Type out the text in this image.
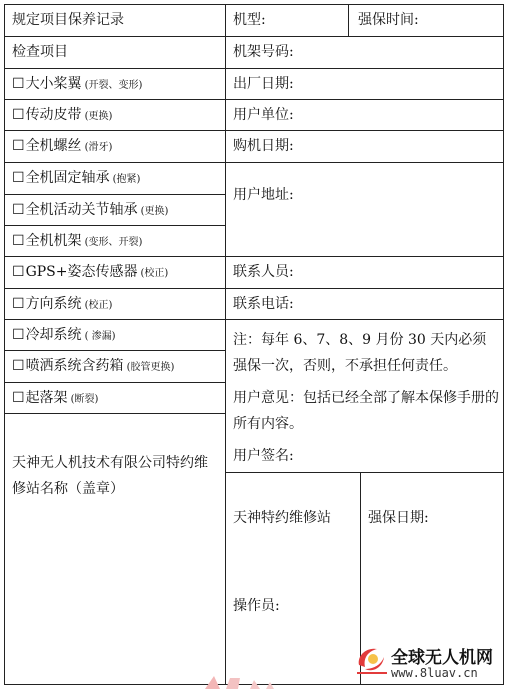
规定项目保养记录	机型:	强保时间:
检查项目
☐大小桨翼 (开裂、变形)
☐传动皮带 (更换)
☐全机螺丝 (滑牙)
☐全机固定轴承 (抱紧)
☐全机活动关节轴承 (更换)
☐全机机架 (变形、开裂)
☐GPS+姿态传感器 (校正)
☐方向系统 (校正)
☐冷却系统 ( 渗漏)
☐喷洒系统含药箱 (胶管更换)
☐起落架 (断裂)
天神无人机技术有限公司特约维修站名称（盖章）
机架号码:
出厂日期:
用户单位:
购机日期:
用户地址:
联系人员:
联系电话:
注：每年 6、7、8、9 月份 30 天内必须强保一次，否则，不承担任何责任。
用户意见：包括已经全部了解本保修手册的所有内容。
用户签名:
天神特约维修站
操作员:
强保日期:
全球无人机网
www.8luav.cn
